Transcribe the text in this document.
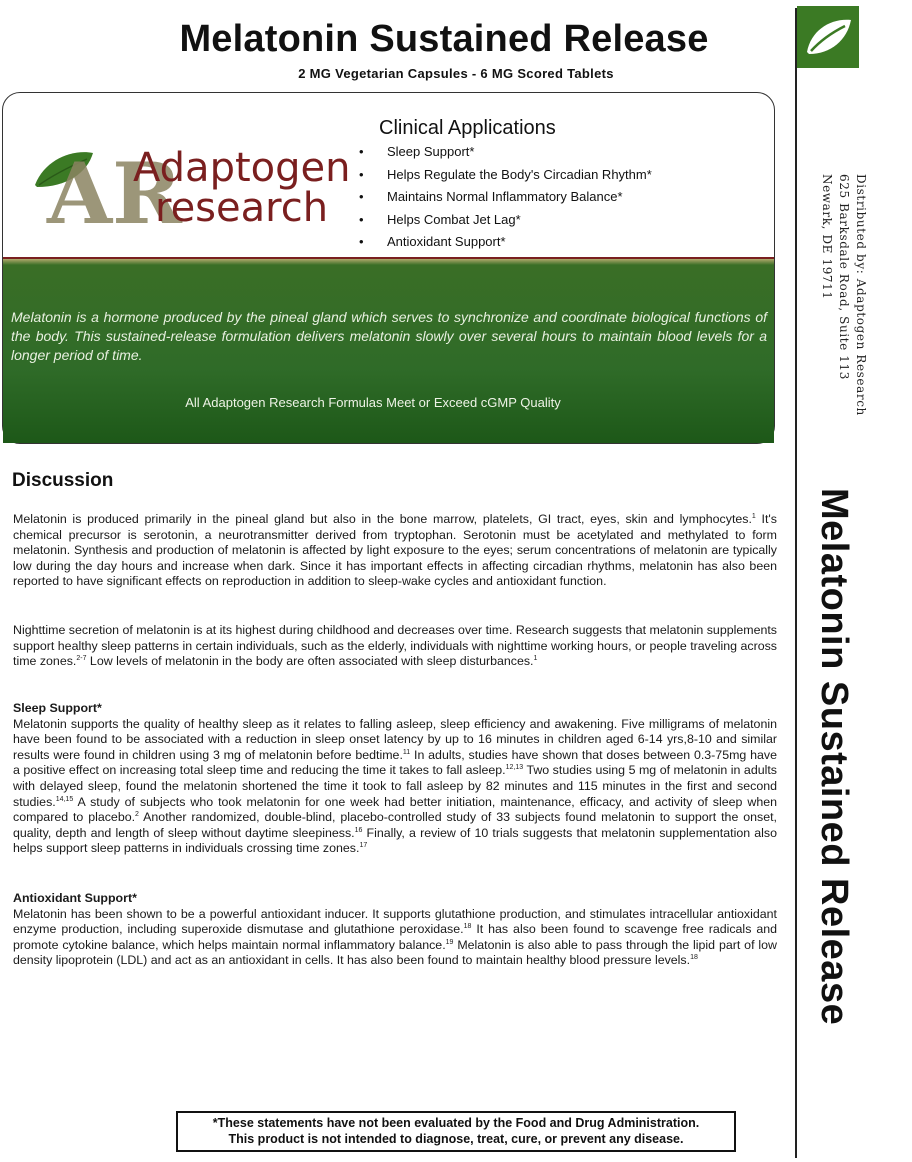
Melatonin Sustained Release
2 MG Vegetarian Capsules - 6 MG Scored Tablets
Distributed by: Adaptogen Research
625 Barksdale Road, Suite 113
Newark, DE 19711
Melatonin Sustained Release
AR
Adaptogen
research
Clinical Applications
• Sleep Support*
• Helps Regulate the Body's Circadian Rhythm*
• Maintains Normal Inflammatory Balance*
• Helps Combat Jet Lag*
• Antioxidant Support*
Melatonin is a hormone produced by the pineal gland which serves to synchronize and coordinate biological functions of the body. This sustained-release formulation delivers melatonin slowly over several hours to maintain blood levels for a longer period of time.
All Adaptogen Research Formulas Meet or Exceed cGMP Quality
Discussion

Melatonin is produced primarily in the pineal gland but also in the bone marrow, platelets, GI tract, eyes, skin and lymphocytes.$^1$ It's chemical precursor is serotonin, a neurotransmitter derived from tryptophan. Serotonin must be acetylated and methylated to form melatonin. Synthesis and production of melatonin is affected by light exposure to the eyes; serum concentrations of melatonin are typically low during the day hours and increase when dark. Since it has important effects in affecting circadian rhythms, melatonin has also been reported to have significant effects on reproduction in addition to sleep-wake cycles and antioxidant function.

Nighttime secretion of melatonin is at its highest during childhood and decreases over time. Research suggests that melatonin supplements support healthy sleep patterns in certain individuals, such as the elderly, individuals with nighttime working hours, or people traveling across time zones.$^{2-7}$ Low levels of melatonin in the body are often associated with sleep disturbances.$^1$

Sleep Support*

Melatonin supports the quality of healthy sleep as it relates to falling asleep, sleep efficiency and awakening. Five milligrams of melatonin have been found to be associated with a reduction in sleep onset latency by up to 16 minutes in children aged 6-14 yrs,8-10 and similar results were found in children using 3 mg of melatonin before bedtime.$^{11}$ In adults, studies have shown that doses between 0.3-75mg have a positive effect on increasing total sleep time and reducing the time it takes to fall asleep.$^{12,13}$ Two studies using 5 mg of melatonin in adults with delayed sleep, found the melatonin shortened the time it took to fall asleep by 82 minutes and 115 minutes in the first and second studies.$^{14,15}$ A study of subjects who took melatonin for one week had better initiation, maintenance, efficacy, and activity of sleep when compared to placebo.$^2$ Another randomized, double-blind, placebo-controlled study of 33 subjects found melatonin to support the onset, quality, depth and length of sleep without daytime sleepiness.$^{16}$ Finally, a review of 10 trials suggests that melatonin supplementation also helps support sleep patterns in individuals crossing time zones.$^{17}$

Antioxidant Support*

Melatonin has been shown to be a powerful antioxidant inducer. It supports glutathione production, and stimulates intracellular antioxidant enzyme production, including superoxide dismutase and glutathione peroxidase.$^{18}$ It has also been found to scavenge free radicals and promote cytokine balance, which helps maintain normal inflammatory balance.$^{19}$ Melatonin is also able to pass through the lipid part of low density lipoprotein (LDL) and act as an antioxidant in cells. It has also been found to maintain healthy blood pressure levels.$^{18}$

*These statements have not been evaluated by the Food and Drug Administration.
This product is not intended to diagnose, treat, cure, or prevent any disease.
